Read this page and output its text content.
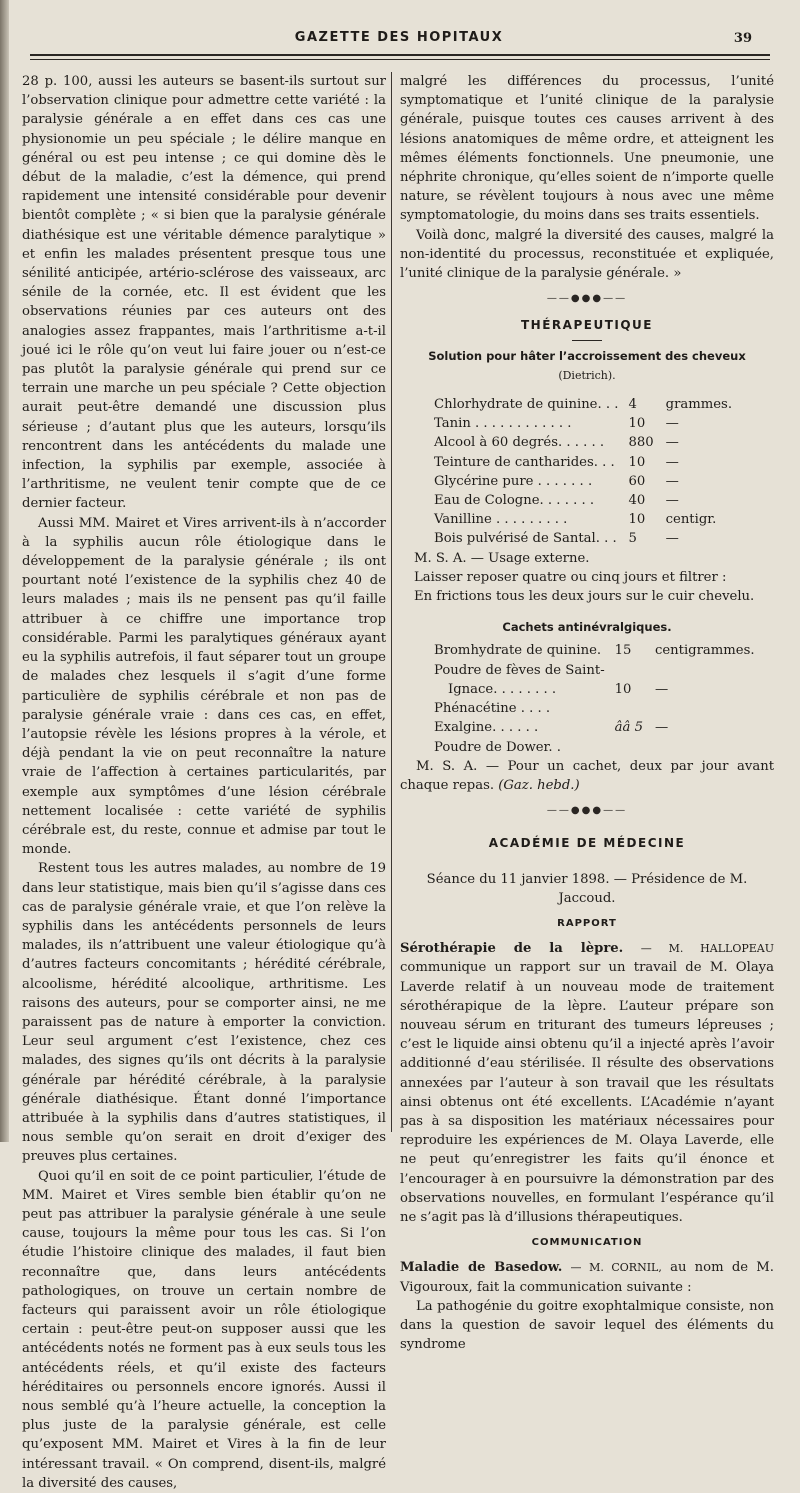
GAZETTE DES HOPITAUX	39

28 p. 100, aussi les auteurs se basent-ils surtout sur l’observation clinique pour admettre cette variété : la paralysie générale a en effet dans ces cas une physionomie un peu spéciale ; le délire manque en général ou est peu intense ; ce qui domine dès le début de la maladie, c’est la démence, qui prend rapidement une intensité considérable pour devenir bientôt complète ; « si bien que la paralysie générale diathésique est une véritable démence paralytique » et enfin les malades présentent presque tous une sénilité anticipée, artério-sclérose des vaisseaux, arc sénile de la cornée, etc. Il est évident que les observations réunies par ces auteurs ont des analogies assez frappantes, mais l’arthritisme a-t-il joué ici le rôle qu’on veut lui faire jouer ou n’est-ce pas plutôt la paralysie générale qui prend sur ce terrain une marche un peu spéciale ? Cette objection aurait peut-être demandé une discussion plus sérieuse ; d’autant plus que les auteurs, lorsqu’ils rencontrent dans les antécédents du malade une infection, la syphilis par exemple, associée à l’arthritisme, ne veulent tenir compte que de ce dernier facteur.

Aussi MM. Mairet et Vires arrivent-ils à n’accorder à la syphilis aucun rôle étiologique dans le développement de la paralysie générale ; ils ont pourtant noté l’existence de la syphilis chez 40 de leurs malades ; mais ils ne pensent pas qu’il faille attribuer à ce chiffre une importance trop considérable. Parmi les paralytiques généraux ayant eu la syphilis autrefois, il faut séparer tout un groupe de malades chez lesquels il s’agit d’une forme particulière de syphilis cérébrale et non pas de paralysie générale vraie : dans ces cas, en effet, l’autopsie révèle les lésions propres à la vérole, et déjà pendant la vie on peut reconnaître la nature vraie de l’affection à certaines particularités, par exemple aux symptômes d’une lésion cérébrale nettement localisée : cette variété de syphilis cérébrale est, du reste, connue et admise par tout le monde.

Restent tous les autres malades, au nombre de 19 dans leur statistique, mais bien qu’il s’agisse dans ces cas de paralysie générale vraie, et que l’on relève la syphilis dans les antécédents personnels de leurs malades, ils n’attribuent une valeur étiologique qu’à d’autres facteurs concomitants ; hérédité cérébrale, alcoolisme, hérédité alcoolique, arthritisme. Les raisons des auteurs, pour se comporter ainsi, ne me paraissent pas de nature à emporter la conviction. Leur seul argument c’est l’existence, chez ces malades, des signes qu’ils ont décrits à la paralysie générale par hérédité cérébrale, à la paralysie générale diathésique. Étant donné l’importance attribuée à la syphilis dans d’autres statistiques, il nous semble qu’on serait en droit d’exiger des preuves plus certaines.

Quoi qu’il en soit de ce point particulier, l’étude de MM. Mairet et Vires semble bien établir qu’on ne peut pas attribuer la paralysie générale à une seule cause, toujours la même pour tous les cas. Si l’on étudie l’histoire clinique des malades, il faut bien reconnaître que, dans leurs antécédents pathologiques, on trouve un certain nombre de facteurs qui paraissent avoir un rôle étiologique certain : peut-être peut-on supposer aussi que les antécédents notés ne forment pas à eux seuls tous les antécédents réels, et qu’il existe des facteurs héréditaires ou personnels encore ignorés. Aussi il nous semblé qu’à l’heure actuelle, la conception la plus juste de la paralysie générale, est celle qu’exposent MM. Mairet et Vires à la fin de leur intéressant travail. « On comprend, disent-ils, malgré la diversité des causes,

malgré les différences du processus, l’unité symptomatique et l’unité clinique de la paralysie générale, puisque toutes ces causes arrivent à des lésions anatomiques de même ordre, et atteignent les mêmes éléments fonctionnels. Une pneumonie, une néphrite chronique, qu’elles soient de n’importe quelle nature, se révèlent toujours à nous avec une même symptomatologie, du moins dans ses traits essentiels.

Voilà donc, malgré la diversité des causes, malgré la non-identité du processus, reconstituée et expliquée, l’unité clinique de la paralysie générale. »

——●●●——
THÉRAPEUTIQUE
Solution pour hâter l’accroissement des cheveux
(Dietrich).
Chlorhydrate de quinine. . .	4	grammes.
Tanin . . . . . . . . . . . .	10	—
Alcool à 60 degrés. . . . . .	880	—
Teinture de cantharides. . .	10	—
Glycérine pure . . . . . . .	60	—
Eau de Cologne. . . . . . .	40	—
Vanilline . . . . . . . . .	10	centigr.
Bois pulvérisé de Santal. . .	5	—

M. S. A. — Usage externe.

Laisser reposer quatre ou cinq jours et filtrer :

En frictions tous les deux jours sur le cuir chevelu.

Cachets antinévralgiques.
Bromhydrate de quinine.	15	centigrammes.
Poudre de fèves de Saint-		
Ignace. . . . . . . .	10	—
Phénacétine . . . .		
Exalgine. . . . . .	ââ 5	—
Poudre de Dower. .		

M. S. A. — Pour un cachet, deux par jour avant chaque repas. (Gaz. hebd.)

——●●●——
ACADÉMIE DE MÉDECINE

Séance du 11 janvier 1898. — Présidence de M. Jaccoud.

RAPPORT

Sérothérapie de la lèpre. — M. HALLOPEAU communique un rapport sur un travail de M. Olaya Laverde relatif à un nouveau mode de traitement sérothérapique de la lèpre. L’auteur prépare son nouveau sérum en triturant des tumeurs lépreuses ; c’est le liquide ainsi obtenu qu’il a injecté après l’avoir additionné d’eau stérilisée. Il résulte des observations annexées par l’auteur à son travail que les résultats ainsi obtenus ont été excellents. L’Académie n’ayant pas à sa disposition les matériaux nécessaires pour reproduire les expériences de M. Olaya Laverde, elle ne peut qu’enregistrer les faits qu’il énonce et l’encourager à en poursuivre la démonstration par des observations nouvelles, en formulant l’espérance qu’il ne s’agit pas là d’illusions thérapeutiques.

COMMUNICATION

Maladie de Basedow. — M. CORNIL, au nom de M. Vigouroux, fait la communication suivante :

La pathogénie du goitre exophtalmique consiste, non dans la question de savoir lequel des éléments du syndrome
